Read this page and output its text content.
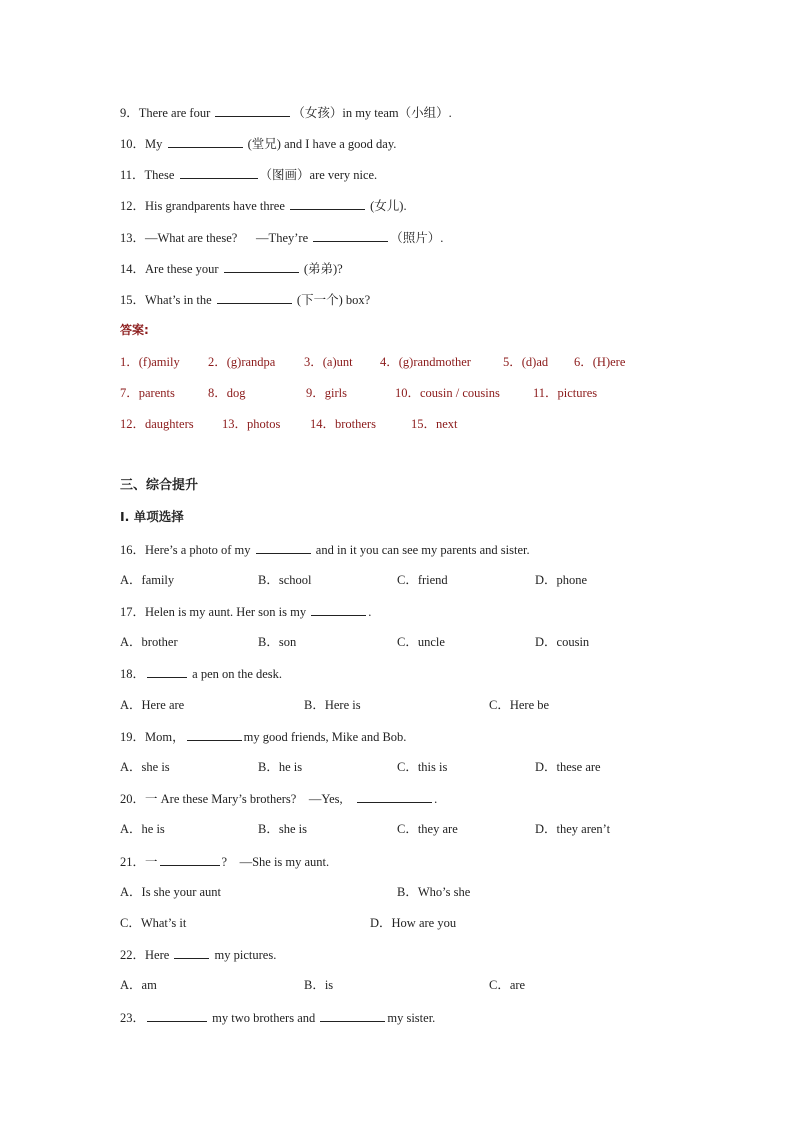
9．There are four	（女孩）in my team（小组）.
10．My	(堂兄) and I have a good day.
11．These	（图画）are very nice.
12．His grandparents have three	(女儿).
13．—What are these?      —They’re	（照片）.
14．Are these your	(弟弟)?
15．What’s in the	(下一个) box?
答案:
1．(f)amily 2．(g)randpa 3．(a)unt 4．(g)randmother	5．(d)ad 6．(H)ere
7．parents	8．dog	9．girls	10．cousin / cousins	11．pictures
12．daughters 13．photos 14．brothers	15．next
三、综合提升
I. 单项选择
16．Here’s a photo of my	and in it you can see my parents and sister.
A．family	B．school	C．friend	D．phone
17．Helen is my aunt. Her son is my	.
A．brother	B．son	C．uncle	D．cousin
18．	a pen on the desk.
A．Here are	B．Here is	C．Here be
19．Mom，	my good friends, Mike and Bob.
A．she is	B．he is	C．this is	D．these are
20．一 Are these Mary’s brothers?    —Yes,	.
A．he is	B．she is	C．they are	D．they aren’t
21．一	?    —She is my aunt.
A．Is she your aunt	B．Who’s she
C．What’s it	D．How are you
22．Here	my pictures.
A．am	B．is	C．are
23．	my two brothers and	my sister.
